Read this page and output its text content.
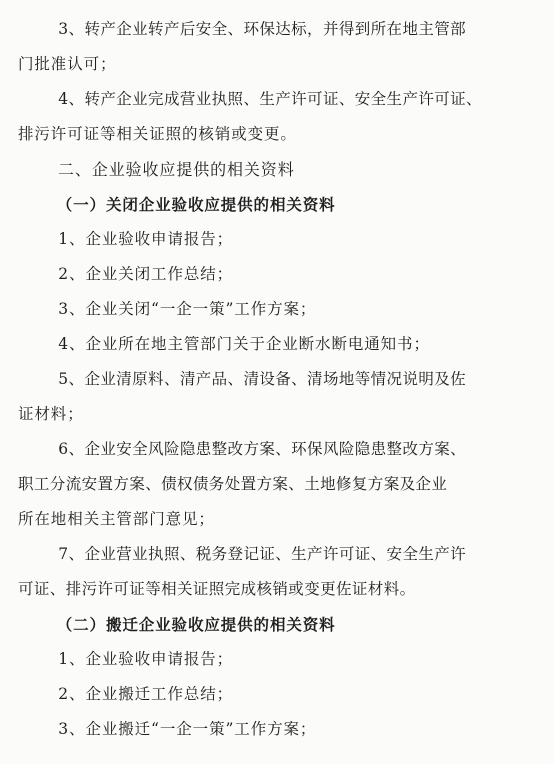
3、转产企业转产后安全、环保达标，并得到所在地主管部

门批准认可；

4、转产企业完成营业执照、生产许可证、安全生产许可证、

排污许可证等相关证照的核销或变更。

二、企业验收应提供的相关资料

（一）关闭企业验收应提供的相关资料

1、企业验收申请报告；

2、企业关闭工作总结；

3、企业关闭“一企一策”工作方案；

4、企业所在地主管部门关于企业断水断电通知书；

5、企业清原料、清产品、清设备、清场地等情况说明及佐

证材料；

6、企业安全风险隐患整改方案、环保风险隐患整改方案、

职工分流安置方案、债权债务处置方案、土地修复方案及企业

所在地相关主管部门意见；

7、企业营业执照、税务登记证、生产许可证、安全生产许

可证、排污许可证等相关证照完成核销或变更佐证材料。

（二）搬迁企业验收应提供的相关资料

1、企业验收申请报告；

2、企业搬迁工作总结；

3、企业搬迁“一企一策”工作方案；
